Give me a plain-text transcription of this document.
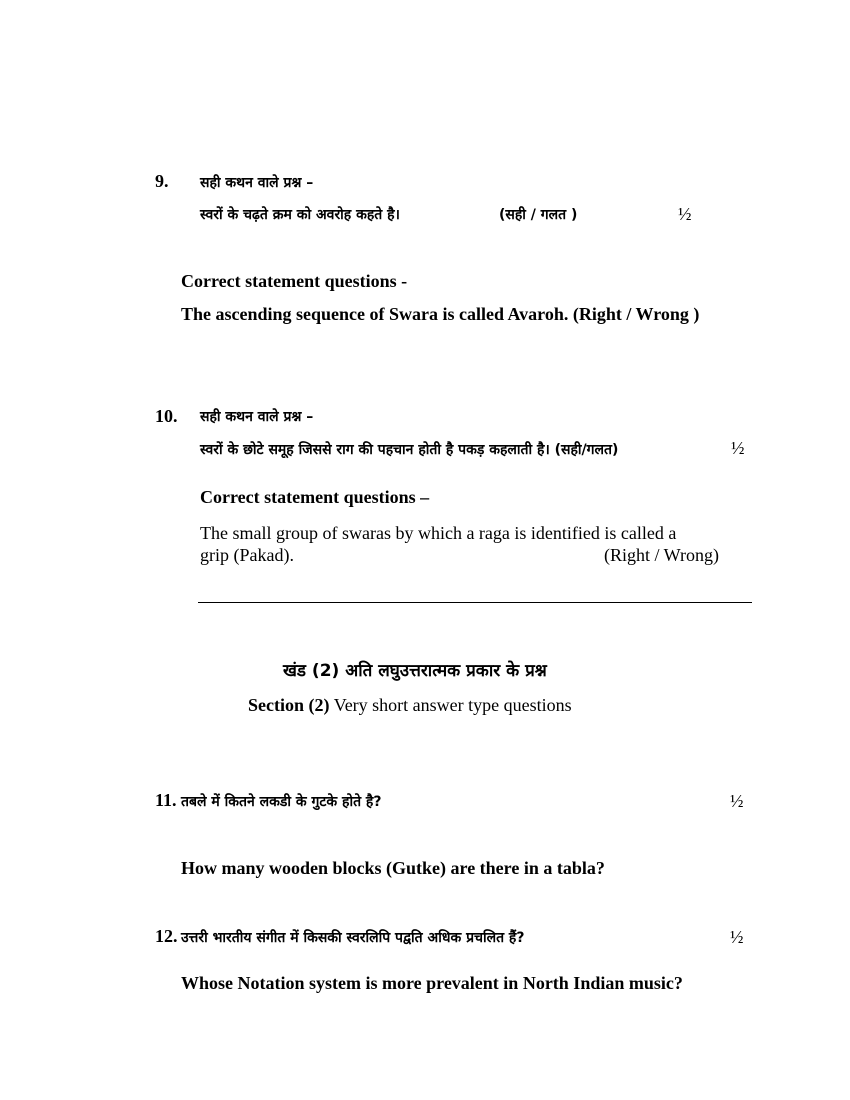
9. सही कथन वाले प्रश्न –
स्वरों के चढ़ते क्रम को अवरोह कहते है।	(सही / गलत )	½
Correct statement questions -
The ascending sequence of Swara is called Avaroh. (Right / Wrong )
10. सही कथन वाले प्रश्न –
स्वरों के छोटे समूह जिससे राग की पहचान होती है पकड़ कहलाती है। (सही/गलत)	½
Correct statement questions –
The small group of swaras by which a raga is identified is called a
grip (Pakad).	(Right / Wrong)
खंड (2) अति लघुउत्तरात्मक प्रकार के प्रश्न
Section (2) Very short answer type questions
11. तबले में कितने लकडी के गुटके होते है?	½
How many wooden blocks (Gutke) are there in a tabla?
12. उत्तरी भारतीय संगीत में किसकी स्वरलिपि पद्वति अधिक प्रचलित हैं?	½
Whose Notation system is more prevalent in North Indian music?
